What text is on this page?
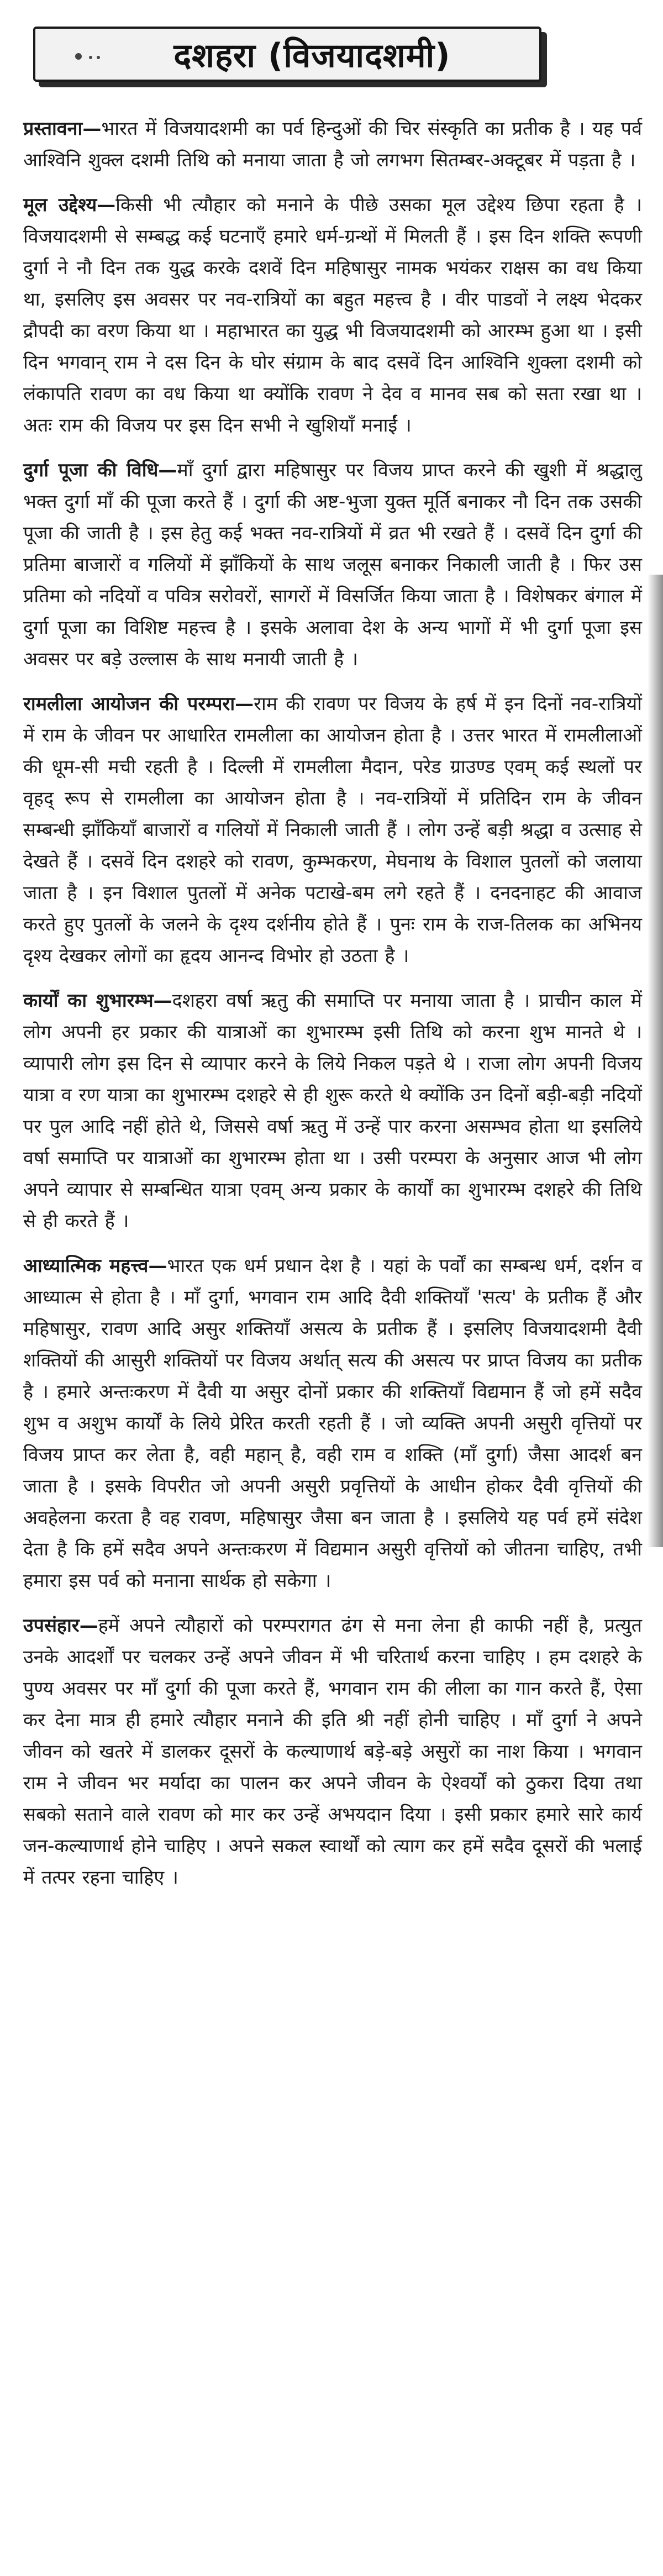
दशहरा (विजयादशमी)

प्रस्तावना—भारत में विजयादशमी का पर्व हिन्दुओं की चिर संस्कृति का प्रतीक है । यह पर्व आश्विनि शुक्ल दशमी तिथि को मनाया जाता है जो लगभग सितम्बर-अक्टूबर में पड़ता है ।

मूल उद्देश्य—किसी भी त्यौहार को मनाने के पीछे उसका मूल उद्देश्य छिपा रहता है । विजयादशमी से सम्बद्ध कई घटनाएँ हमारे धर्म-ग्रन्थों में मिलती हैं । इस दिन शक्ति रूपणी दुर्गा ने नौ दिन तक युद्ध करके दशवें दिन महिषासुर नामक भयंकर राक्षस का वध किया था, इसलिए इस अवसर पर नव-रात्रियों का बहुत महत्त्व है । वीर पाडवों ने लक्ष्य भेदकर द्रौपदी का वरण किया था । महाभारत का युद्ध भी विजयादशमी को आरम्भ हुआ था । इसी दिन भगवान् राम ने दस दिन के घोर संग्राम के बाद दसवें दिन आश्विनि शुक्ला दशमी को लंकापति रावण का वध किया था क्योंकि रावण ने देव व मानव सब को सता रखा था । अतः राम की विजय पर इस दिन सभी ने खुशियाँ मनाईं ।

दुर्गा पूजा की विधि—माँ दुर्गा द्वारा महिषासुर पर विजय प्राप्त करने की खुशी में श्रद्धालु भक्त दुर्गा माँ की पूजा करते हैं । दुर्गा की अष्ट-भुजा युक्त मूर्ति बनाकर नौ दिन तक उसकी पूजा की जाती है । इस हेतु कई भक्त नव-रात्रियों में व्रत भी रखते हैं । दसवें दिन दुर्गा की प्रतिमा बाजारों व गलियों में झाँकियों के साथ जलूस बनाकर निकाली जाती है । फिर उस प्रतिमा को नदियों व पवित्र सरोवरों, सागरों में विसर्जित किया जाता है । विशेषकर बंगाल में दुर्गा पूजा का विशिष्ट महत्त्व है । इसके अलावा देश के अन्य भागों में भी दुर्गा पूजा इस अवसर पर बड़े उल्लास के साथ मनायी जाती है ।

रामलीला आयोजन की परम्परा—राम की रावण पर विजय के हर्ष में इन दिनों नव-रात्रियों में राम के जीवन पर आधारित रामलीला का आयोजन होता है । उत्तर भारत में रामलीलाओं की धूम-सी मची रहती है । दिल्ली में रामलीला मैदान, परेड ग्राउण्ड एवम् कई स्थलों पर वृहद् रूप से रामलीला का आयोजन होता है । नव-रात्रियों में प्रतिदिन राम के जीवन सम्बन्धी झाँकियाँ बाजारों व गलियों में निकाली जाती हैं । लोग उन्हें बड़ी श्रद्धा व उत्साह से देखते हैं । दसवें दिन दशहरे को रावण, कुम्भकरण, मेघनाथ के विशाल पुतलों को जलाया जाता है । इन विशाल पुतलों में अनेक पटाखे-बम लगे रहते हैं । दनदनाहट की आवाज करते हुए पुतलों के जलने के दृश्य दर्शनीय होते हैं । पुनः राम के राज-तिलक का अभिनय दृश्य देखकर लोगों का हृदय आनन्द विभोर हो उठता है ।

कार्यों का शुभारम्भ—दशहरा वर्षा ऋतु की समाप्ति पर मनाया जाता है । प्राचीन काल में लोग अपनी हर प्रकार की यात्राओं का शुभारम्भ इसी तिथि को करना शुभ मानते थे । व्यापारी लोग इस दिन से व्यापार करने के लिये निकल पड़ते थे । राजा लोग अपनी विजय यात्रा व रण यात्रा का शुभारम्भ दशहरे से ही शुरू करते थे क्योंकि उन दिनों बड़ी-बड़ी नदियों पर पुल आदि नहीं होते थे, जिससे वर्षा ऋतु में उन्हें पार करना असम्भव होता था इसलिये वर्षा समाप्ति पर यात्राओं का शुभारम्भ होता था । उसी परम्परा के अनुसार आज भी लोग अपने व्यापार से सम्बन्धित यात्रा एवम् अन्य प्रकार के कार्यों का शुभारम्भ दशहरे की तिथि से ही करते हैं ।

आध्यात्मिक महत्त्व—भारत एक धर्म प्रधान देश है । यहां के पर्वों का सम्बन्ध धर्म, दर्शन व आध्यात्म से होता है । माँ दुर्गा, भगवान राम आदि दैवी शक्तियाँ 'सत्य' के प्रतीक हैं और महिषासुर, रावण आदि असुर शक्तियाँ असत्य के प्रतीक हैं । इसलिए विजयादशमी दैवी शक्तियों की आसुरी शक्तियों पर विजय अर्थात् सत्य की असत्य पर प्राप्त विजय का प्रतीक है । हमारे अन्तःकरण में दैवी या असुर दोनों प्रकार की शक्तियाँ विद्यमान हैं जो हमें सदैव शुभ व अशुभ कार्यों के लिये प्रेरित करती रहती हैं । जो व्यक्ति अपनी असुरी वृत्तियों पर विजय प्राप्त कर लेता है, वही महान् है, वही राम व शक्ति (माँ दुर्गा) जैसा आदर्श बन जाता है । इसके विपरीत जो अपनी असुरी प्रवृत्तियों के आधीन होकर दैवी वृत्तियों की अवहेलना करता है वह रावण, महिषासुर जैसा बन जाता है । इसलिये यह पर्व हमें संदेश देता है कि हमें सदैव अपने अन्तःकरण में विद्यमान असुरी वृत्तियों को जीतना चाहिए, तभी हमारा इस पर्व को मनाना सार्थक हो सकेगा ।

उपसंहार—हमें अपने त्यौहारों को परम्परागत ढंग से मना लेना ही काफी नहीं है, प्रत्युत उनके आदर्शों पर चलकर उन्हें अपने जीवन में भी चरितार्थ करना चाहिए । हम दशहरे के पुण्य अवसर पर माँ दुर्गा की पूजा करते हैं, भगवान राम की लीला का गान करते हैं, ऐसा कर देना मात्र ही हमारे त्यौहार मनाने की इति श्री नहीं होनी चाहिए । माँ दुर्गा ने अपने जीवन को खतरे में डालकर दूसरों के कल्याणार्थ बड़े-बड़े असुरों का नाश किया । भगवान राम ने जीवन भर मर्यादा का पालन कर अपने जीवन के ऐश्वर्यों को ठुकरा दिया तथा सबको सताने वाले रावण को मार कर उन्हें अभयदान दिया । इसी प्रकार हमारे सारे कार्य जन-कल्याणार्थ होने चाहिए । अपने सकल स्वार्थों को त्याग कर हमें सदैव दूसरों की भलाई में तत्पर रहना चाहिए ।
